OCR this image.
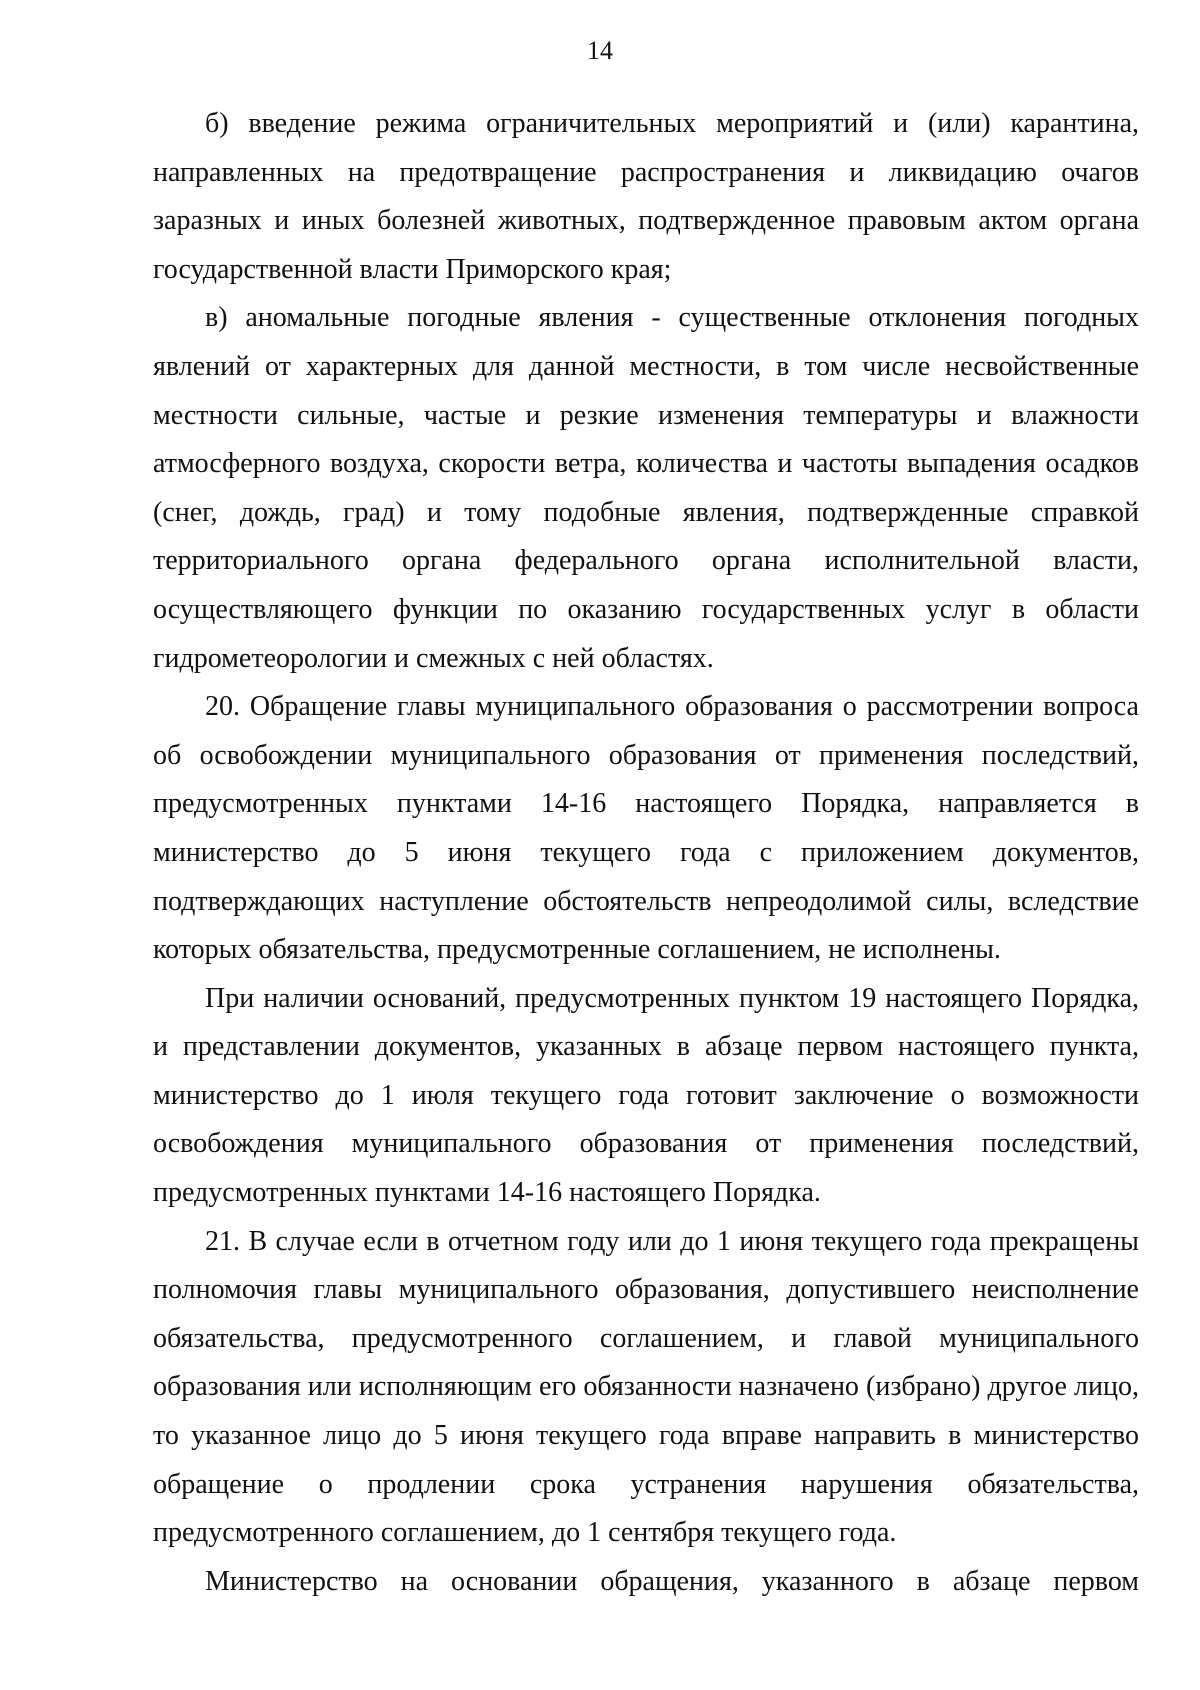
14

б) введение режима ограничительных мероприятий и (или) карантина, направленных на предотвращение распространения и ликвидацию очагов заразных и иных болезней животных, подтвержденное правовым актом органа государственной власти Приморского края;

в) аномальные погодные явления - существенные отклонения погодных явлений от характерных для данной местности, в том числе несвойственные местности сильные, частые и резкие изменения температуры и влажности атмосферного воздуха, скорости ветра, количества и частоты выпадения осадков (снег, дождь, град) и тому подобные явления, подтвержденные справкой территориального органа федерального органа исполнительной власти, осуществляющего функции по оказанию государственных услуг в области гидрометеорологии и смежных с ней областях.

20. Обращение главы муниципального образования о рассмотрении вопроса об освобождении муниципального образования от применения последствий, предусмотренных пунктами 14-16 настоящего Порядка, направляется в министерство до 5 июня текущего года с приложением документов, подтверждающих наступление обстоятельств непреодолимой силы, вследствие которых обязательства, предусмотренные соглашением, не исполнены.

При наличии оснований, предусмотренных пунктом 19 настоящего Порядка, и представлении документов, указанных в абзаце первом настоящего пункта, министерство до 1 июля текущего года готовит заключение о возможности освобождения муниципального образования от применения последствий, предусмотренных пунктами 14-16 настоящего Порядка.

21. В случае если в отчетном году или до 1 июня текущего года прекращены полномочия главы муниципального образования, допустившего неисполнение обязательства, предусмотренного соглашением, и главой муниципального образования или исполняющим его обязанности назначено (избрано) другое лицо, то указанное лицо до 5 июня текущего года вправе направить в министерство обращение о продлении срока устранения нарушения обязательства, предусмотренного соглашением, до 1 сентября текущего года.

Министерство на основании обращения, указанного в абзаце первом
